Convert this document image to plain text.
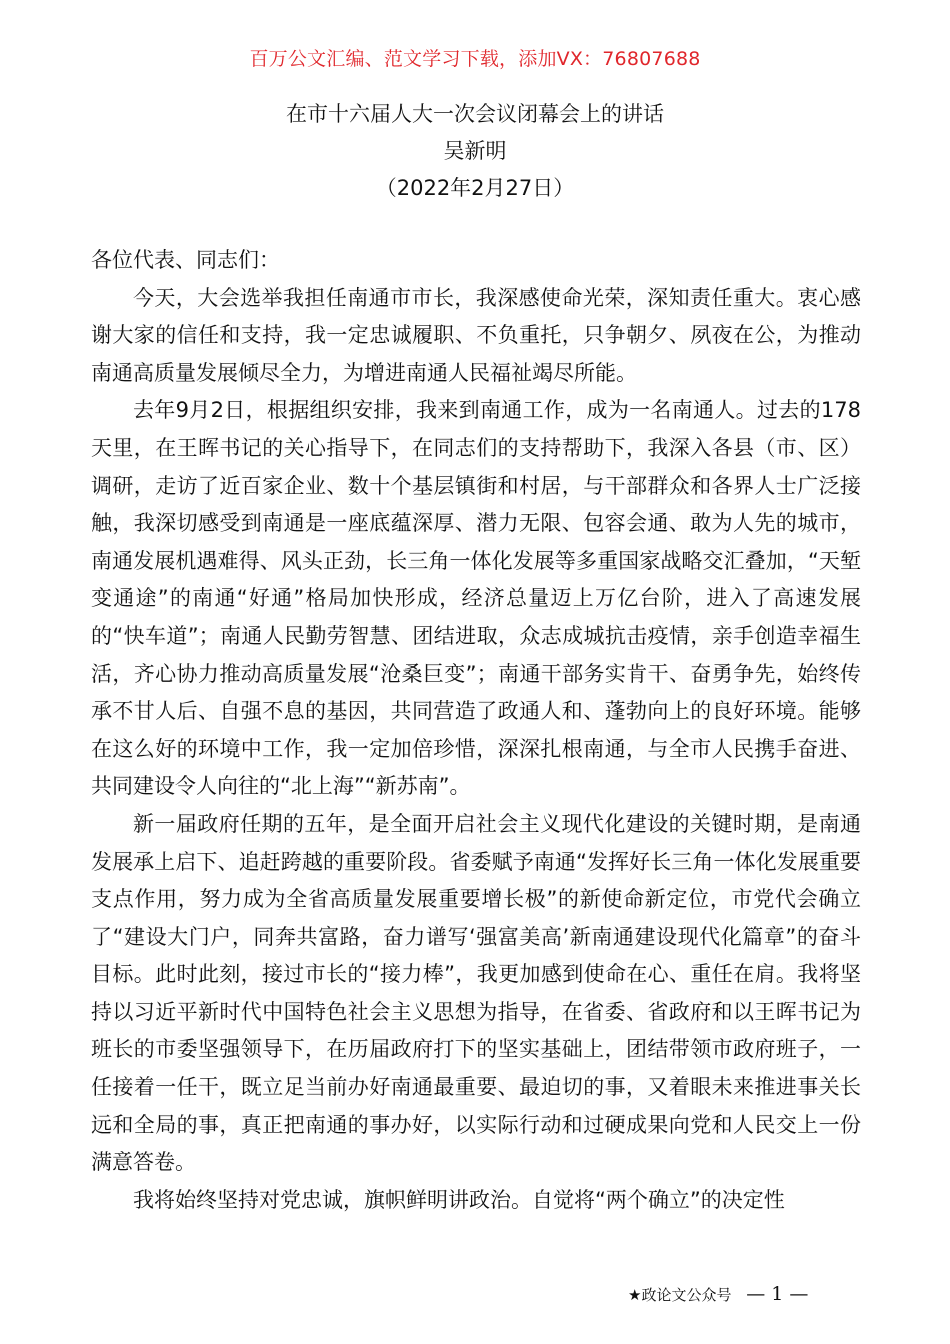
百万公文汇编、范文学习下载，添加VX：76807688
在市十六届人大一次会议闭幕会上的讲话
吴新明
（2022年2月27日）

各位代表、同志们：

今天，大会选举我担任南通市市长，我深感使命光荣，深知责任重大。衷心感谢大家的信任和支持，我一定忠诚履职、不负重托，只争朝夕、夙夜在公，为推动南通高质量发展倾尽全力，为增进南通人民福祉竭尽所能。

去年9月2日，根据组织安排，我来到南通工作，成为一名南通人。过去的178天里，在王晖书记的关心指导下，在同志们的支持帮助下，我深入各县（市、区）调研，走访了近百家企业、数十个基层镇街和村居，与干部群众和各界人士广泛接触，我深切感受到南通是一座底蕴深厚、潜力无限、包容会通、敢为人先的城市，南通发展机遇难得、风头正劲，长三角一体化发展等多重国家战略交汇叠加，“天堑变通途”的南通“好通”格局加快形成，经济总量迈上万亿台阶，进入了高速发展的“快车道”；南通人民勤劳智慧、团结进取，众志成城抗击疫情，亲手创造幸福生活，齐心协力推动高质量发展“沧桑巨变”；南通干部务实肯干、奋勇争先，始终传承不甘人后、自强不息的基因，共同营造了政通人和、蓬勃向上的良好环境。能够在这么好的环境中工作，我一定加倍珍惜，深深扎根南通，与全市人民携手奋进、共同建设令人向往的“北上海”“新苏南”。

新一届政府任期的五年，是全面开启社会主义现代化建设的关键时期，是南通发展承上启下、追赶跨越的重要阶段。省委赋予南通“发挥好长三角一体化发展重要支点作用，努力成为全省高质量发展重要增长极”的新使命新定位，市党代会确立了“建设大门户，同奔共富路，奋力谱写‘强富美高’新南通建设现代化篇章”的奋斗目标。此时此刻，接过市长的“接力棒”，我更加感到使命在心、重任在肩。我将坚持以习近平新时代中国特色社会主义思想为指导，在省委、省政府和以王晖书记为班长的市委坚强领导下，在历届政府打下的坚实基础上，团结带领市政府班子，一任接着一任干，既立足当前办好南通最重要、最迫切的事，又着眼未来推进事关长远和全局的事，真正把南通的事办好，以实际行动和过硬成果向党和人民交上一份满意答卷。

我将始终坚持对党忠诚，旗帜鲜明讲政治。自觉将“两个确立”的决定性

★政论文公众号 — 1 —
